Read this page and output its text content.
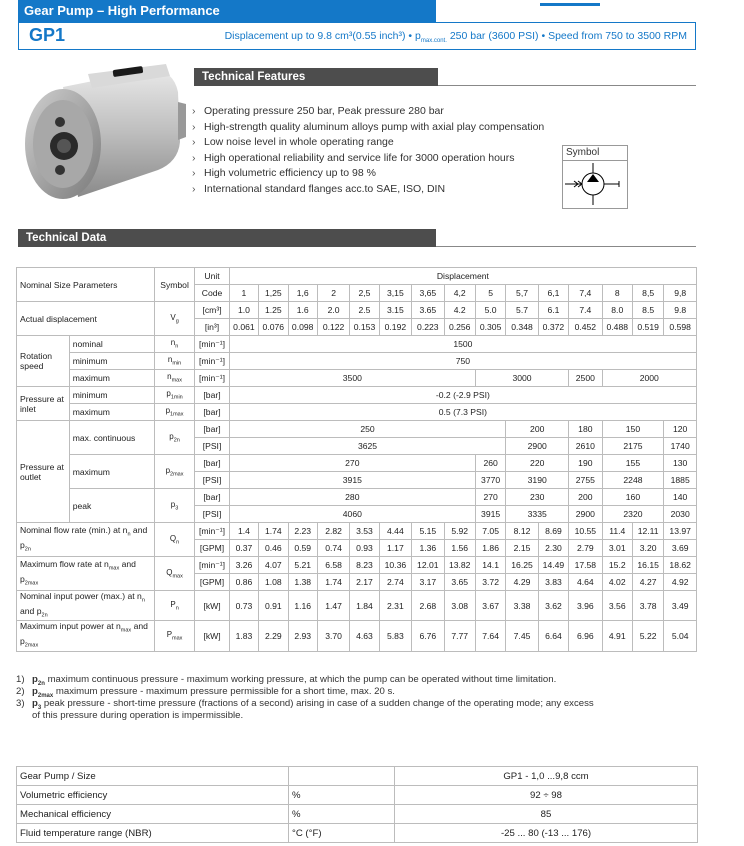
Gear Pump – High Performance
GP1	Displacement up to 9.8 cm³(0.55 inch³) • $p_{max.cont.}$ 250 bar (3600 PSI) • Speed from 750 to 3500 RPM
Technical Features
› Operating pressure 250 bar, Peak pressure 280 bar
› High-strength quality aluminum alloys pump with axial play compensation
› Low noise level in whole operating range
› High operational reliability and service life for 3000 operation hours
› High volumetric efficiency up to 98 %
› International standard flanges acc.to SAE, ISO, DIN
Symbol
Technical Data
Nominal Size Parameters		Symbol	Unit	Displacement														
			Code	1	1,25	1,6	2	2,5	3,15	3,65	4,2	5	5,7	6,1	7,4	8	8,5	9,8
Actual displacement		$V_g$	[cm³]	1.0	1.25	1.6	2.0	2.5	3.15	3.65	4.2	5.0	5.7	6.1	7.4	8.0	8.5	9.8
			[in³]	0.061	0.076	0.098	0.122	0.153	0.192	0.223	0.256	0.305	0.348	0.372	0.452	0.488	0.519	0.598
Rotation speed	nominal	$n_n$	[min⁻¹]	1500														
	minimum	$n_{min}$	[min⁻¹]	750														
	maximum	$n_{max}$	[min⁻¹]	3500								3000			2500	2000		
Pressure at inlet	minimum	$p_{1min}$	[bar]	-0.2 (-2.9 PSI)														
	maximum	$p_{1max}$	[bar]	0.5 (7.3 PSI)														
Pressure at outlet	max. continuous	$p_{2n}$	[bar]	250									200		180	150		120
			[PSI]	3625									2900		2610	2175		1740
	maximum	$p_{2max}$	[bar]	270								260	220		190	155		130
			[PSI]	3915								3770	3190		2755	2248		1885
	peak	$p_3$	[bar]	280								270	230		200	160		140
			[PSI]	4060								3915	3335		2900	2320		2030
Nominal flow rate (min.) at $n_n$ and $p_{2n}$		$Q_n$	[min⁻¹]	1.4	1.74	2.23	2.82	3.53	4.44	5.15	5.92	7.05	8.12	8.69	10.55	11.4	12.11	13.97
			[GPM]	0.37	0.46	0.59	0.74	0.93	1.17	1.36	1.56	1.86	2.15	2.30	2.79	3.01	3.20	3.69
Maximum flow rate at $n_{max}$ and $p_{2max}$		$Q_{max}$	[min⁻¹]	3.26	4.07	5.21	6.58	8.23	10.36	12.01	13.82	14.1	16.25	14.49	17.58	15.2	16.15	18.62
			[GPM]	0.86	1.08	1.38	1.74	2.17	2.74	3.17	3.65	3.72	4.29	3.83	4.64	4.02	4.27	4.92
Nominal input power (max.) at $n_n$ and $p_{2n}$		$P_n$	[kW]	0.73	0.91	1.16	1.47	1.84	2.31	2.68	3.08	3.67	3.38	3.62	3.96	3.56	3.78	3.49
Maximum input power at $n_{max}$ and $p_{2max}$		$P_{max}$	[kW]	1.83	2.29	2.93	3.70	4.63	5.83	6.76	7.77	7.64	7.45	6.64	6.96	4.91	5.22	5.04
1) $p_{2n}$ maximum continuous pressure - maximum working pressure, at which the pump can be operated without time limitation.
2) $p_{2max}$ maximum pressure - maximum pressure permissible for a short time, max. 20 s.
3) $p_3$ peak pressure - short-time pressure (fractions of a second) arising in case of a sudden change of the operating mode; any excess
of this pressure during operation is impermissible.
Gear Pump / Size		GP1 - 1,0 ...9,8 ccm
Volumetric efficiency	%	92 ÷ 98
Mechanical efficiency	%	85
Fluid temperature range (NBR)	°C (°F)	-25 ... 80 (-13 ... 176)
